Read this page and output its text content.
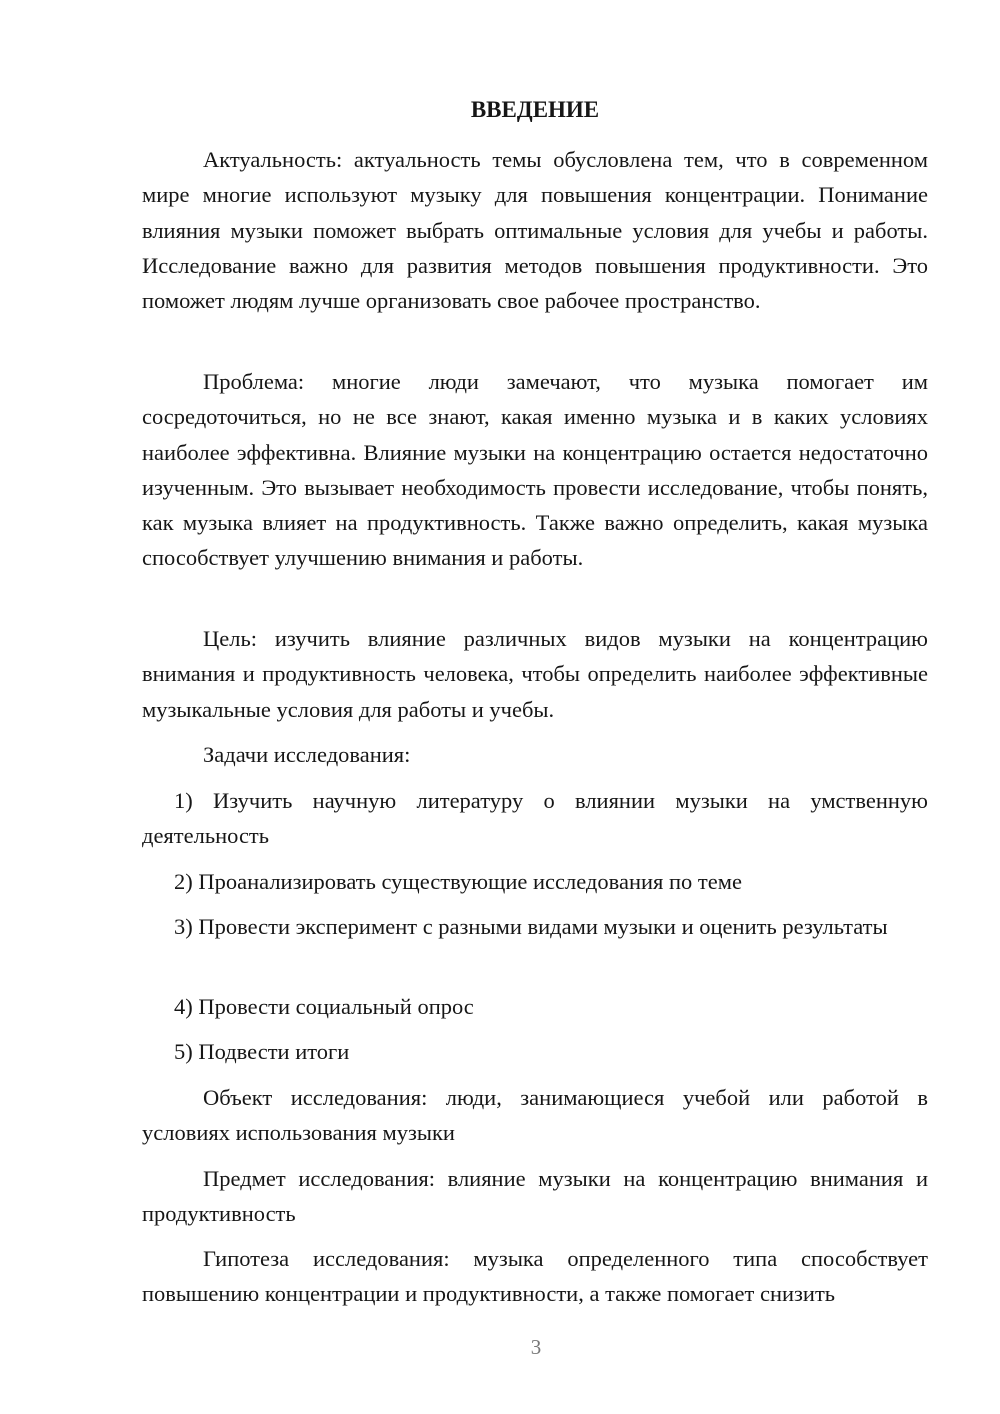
ВВЕДЕНИЕ

Актуальность: актуальность темы обусловлена тем, что в современном мире многие используют музыку для повышения концентрации. Понимание влияния музыки поможет выбрать оптимальные условия для учебы и работы. Исследование важно для развития методов повышения продуктивности. Это поможет людям лучше организовать свое рабочее пространство.

Проблема: многие люди замечают, что музыка помогает им сосредоточиться, но не все знают, какая именно музыка и в каких условиях наиболее эффективна. Влияние музыки на концентрацию остается недостаточно изученным. Это вызывает необходимость провести исследование, чтобы понять, как музыка влияет на продуктивность. Также важно определить, какая музыка способствует улучшению внимания и работы.

Цель: изучить влияние различных видов музыки на концентрацию внимания и продуктивность человека, чтобы определить наиболее эффективные музыкальные условия для работы и учебы.

Задачи исследования:

1) Изучить научную литературу о влиянии музыки на умственную деятельность

2) Проанализировать существующие исследования по теме

3) Провести эксперимент с разными видами музыки и оценить результаты

4) Провести социальный опрос

5) Подвести итоги

Объект исследования: люди, занимающиеся учебой или работой в условиях использования музыки

Предмет исследования: влияние музыки на концентрацию внимания и продуктивность

Гипотеза исследования: музыка определенного типа способствует повышению концентрации и продуктивности, а также помогает снизить

3
